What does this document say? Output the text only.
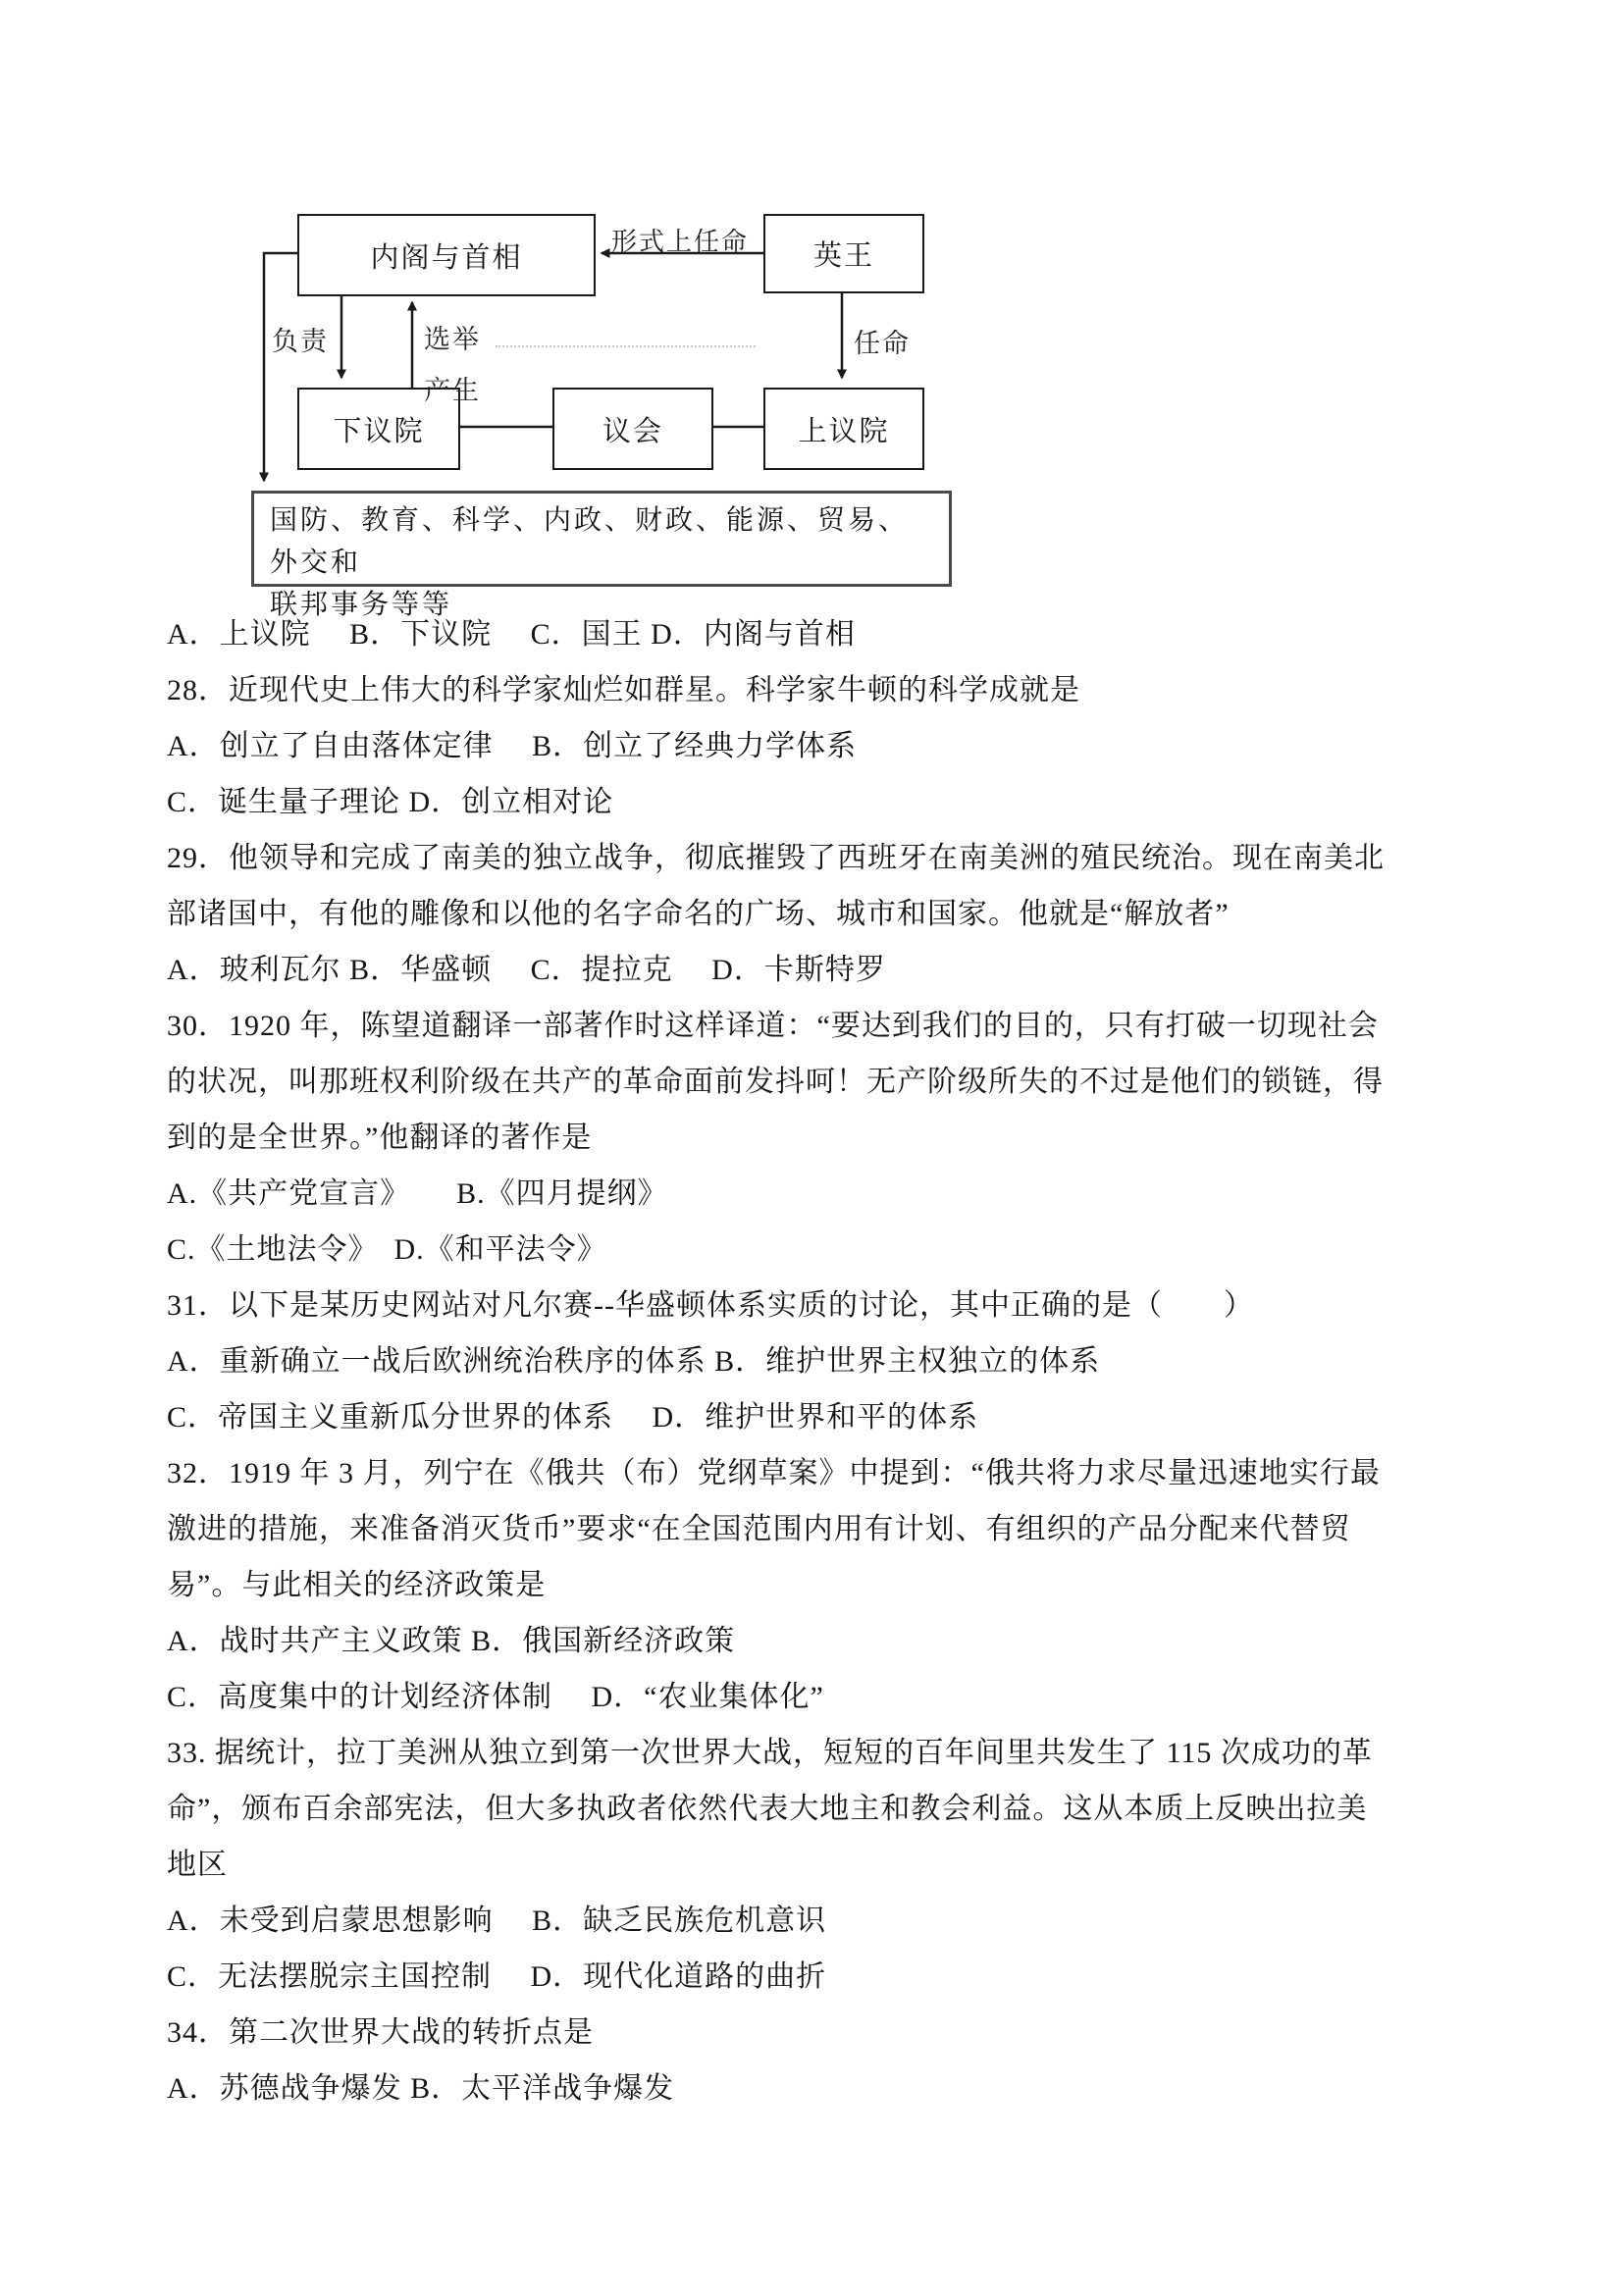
内阁与首相	英王
下议院	议会	上议院
国防、教育、科学、内政、财政、能源、贸易、外交和
联邦事务等等
形式上任命
负责	选举
产生
任命

A．上议院　 B．下议院　 C．国王 D．内阁与首相

28．近现代史上伟大的科学家灿烂如群星。科学家牛顿的科学成就是

A．创立了自由落体定律　 B．创立了经典力学体系

C．诞生量子理论 D．创立相对论

29．他领导和完成了南美的独立战争，彻底摧毁了西班牙在南美洲的殖民统治。现在南美北

部诸国中，有他的雕像和以他的名字命名的广场、城市和国家。他就是“解放者”

A．玻利瓦尔 B．华盛顿　 C．提拉克　 D．卡斯特罗

30．1920 年，陈望道翻译一部著作时这样译道：“要达到我们的目的，只有打破一切现社会

的状况，叫那班权利阶级在共产的革命面前发抖呵！无产阶级所失的不过是他们的锁链，得

到的是全世界。”他翻译的著作是

A.《共产党宣言》　　B.《四月提纲》

C.《土地法令》　D.《和平法令》

31．以下是某历史网站对凡尔赛--华盛顿体系实质的讨论，其中正确的是（　　）

A．重新确立一战后欧洲统治秩序的体系 B．维护世界主权独立的体系

C．帝国主义重新瓜分世界的体系　 D．维护世界和平的体系

32．1919 年 3 月，列宁在《俄共（布）党纲草案》中提到：“俄共将力求尽量迅速地实行最

激进的措施，来准备消灭货币”要求“在全国范围内用有计划、有组织的产品分配来代替贸

易”。与此相关的经济政策是

A．战时共产主义政策 B．俄国新经济政策

C．高度集中的计划经济体制　 D．“农业集体化”

33. 据统计，拉丁美洲从独立到第一次世界大战，短短的百年间里共发生了 115 次成功的革

命”，颁布百余部宪法，但大多执政者依然代表大地主和教会利益。这从本质上反映出拉美

地区

A．未受到启蒙思想影响　 B．缺乏民族危机意识

C．无法摆脱宗主国控制　 D．现代化道路的曲折

34．第二次世界大战的转折点是

A．苏德战争爆发 B．太平洋战争爆发
